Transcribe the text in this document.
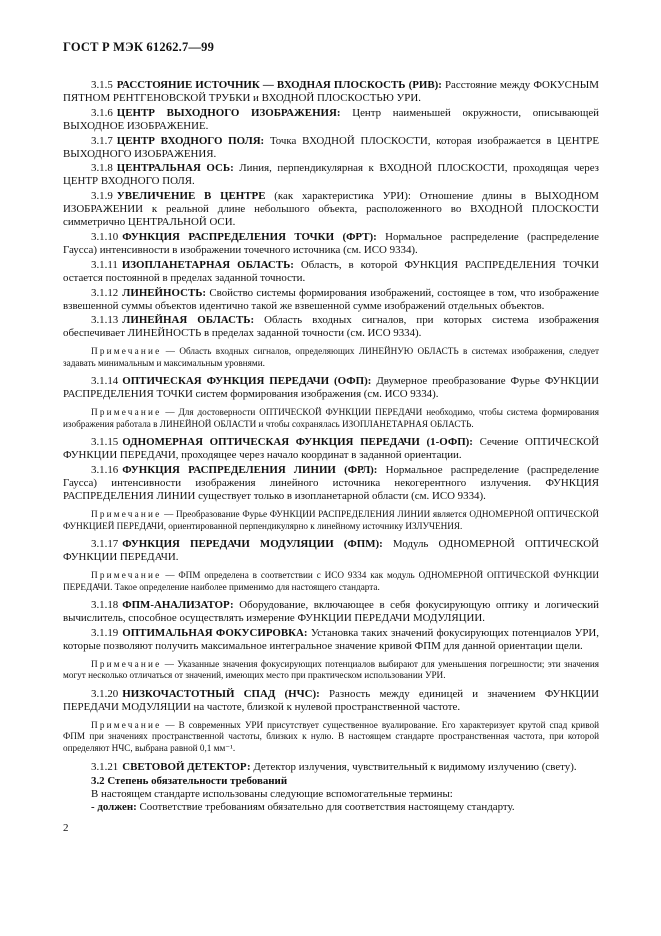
ГОСТ Р МЭК 61262.7—99
3.1.5 РАССТОЯНИЕ ИСТОЧНИК — ВХОДНАЯ ПЛОСКОСТЬ (РИВ): Расстояние между ФОКУСНЫМ ПЯТНОМ РЕНТГЕНОВСКОЙ ТРУБКИ и ВХОДНОЙ ПЛОСКОСТЬЮ УРИ.
3.1.6 ЦЕНТР ВЫХОДНОГО ИЗОБРАЖЕНИЯ: Центр наименьшей окружности, описывающей ВЫХОДНОЕ ИЗОБРАЖЕНИЕ.
3.1.7 ЦЕНТР ВХОДНОГО ПОЛЯ: Точка ВХОДНОЙ ПЛОСКОСТИ, которая изображается в ЦЕНТРЕ ВЫХОДНОГО ИЗОБРАЖЕНИЯ.
3.1.8 ЦЕНТРАЛЬНАЯ ОСЬ: Линия, перпендикулярная к ВХОДНОЙ ПЛОСКОСТИ, проходящая через ЦЕНТР ВХОДНОГО ПОЛЯ.
3.1.9 УВЕЛИЧЕНИЕ В ЦЕНТРЕ (как характеристика УРИ): Отношение длины в ВЫХОДНОМ ИЗОБРАЖЕНИИ к реальной длине небольшого объекта, расположенного во ВХОДНОЙ ПЛОСКОСТИ симметрично ЦЕНТРАЛЬНОЙ ОСИ.
3.1.10 ФУНКЦИЯ РАСПРЕДЕЛЕНИЯ ТОЧКИ (ФРТ): Нормальное распределение (распределение Гаусса) интенсивности в изображении точечного источника (см. ИСО 9334).
3.1.11 ИЗОПЛАНЕТАРНАЯ ОБЛАСТЬ: Область, в которой ФУНКЦИЯ РАСПРЕДЕЛЕНИЯ ТОЧКИ остается постоянной в пределах заданной точности.
3.1.12 ЛИНЕЙНОСТЬ: Свойство системы формирования изображений, состоящее в том, что изображение взвешенной суммы объектов идентично такой же взвешенной сумме изображений отдельных объектов.
3.1.13 ЛИНЕЙНАЯ ОБЛАСТЬ: Область входных сигналов, при которых система изображения обеспечивает ЛИНЕЙНОСТЬ в пределах заданной точности (см. ИСО 9334).
Примечание — Область входных сигналов, определяющих ЛИНЕЙНУЮ ОБЛАСТЬ в системах изображения, следует задавать минимальным и максимальным уровнями.
3.1.14 ОПТИЧЕСКАЯ ФУНКЦИЯ ПЕРЕДАЧИ (ОФП): Двумерное преобразование Фурье ФУНКЦИИ РАСПРЕДЕЛЕНИЯ ТОЧКИ систем формирования изображения (см. ИСО 9334).
Примечание — Для достоверности ОПТИЧЕСКОЙ ФУНКЦИИ ПЕРЕДАЧИ необходимо, чтобы система формирования изображения работала в ЛИНЕЙНОЙ ОБЛАСТИ и чтобы сохранялась ИЗОПЛАНЕТАРНАЯ ОБЛАСТЬ.
3.1.15 ОДНОМЕРНАЯ ОПТИЧЕСКАЯ ФУНКЦИЯ ПЕРЕДАЧИ (1-ОФП): Сечение ОПТИЧЕСКОЙ ФУНКЦИИ ПЕРЕДАЧИ, проходящее через начало координат в заданной ориентации.
3.1.16 ФУНКЦИЯ РАСПРЕДЕЛЕНИЯ ЛИНИИ (ФРЛ): Нормальное распределение (распределение Гаусса) интенсивности изображения линейного источника некогерентного излучения. ФУНКЦИЯ РАСПРЕДЕЛЕНИЯ ЛИНИИ существует только в изопланетарной области (см. ИСО 9334).
Примечание — Преобразование Фурье ФУНКЦИИ РАСПРЕДЕЛЕНИЯ ЛИНИИ является ОДНОМЕРНОЙ ОПТИЧЕСКОЙ ФУНКЦИЕЙ ПЕРЕДАЧИ, ориентированной перпендикулярно к линейному источнику ИЗЛУЧЕНИЯ.
3.1.17 ФУНКЦИЯ ПЕРЕДАЧИ МОДУЛЯЦИИ (ФПМ): Модуль ОДНОМЕРНОЙ ОПТИЧЕСКОЙ ФУНКЦИИ ПЕРЕДАЧИ.
Примечание — ФПМ определена в соответствии с ИСО 9334 как модуль ОДНОМЕРНОЙ ОПТИЧЕСКОЙ ФУНКЦИИ ПЕРЕДАЧИ. Такое определение наиболее применимо для настоящего стандарта.
3.1.18 ФПМ-АНАЛИЗАТОР: Оборудование, включающее в себя фокусирующую оптику и логический вычислитель, способное осуществлять измерение ФУНКЦИИ ПЕРЕДАЧИ МОДУЛЯЦИИ.
3.1.19 ОПТИМАЛЬНАЯ ФОКУСИРОВКА: Установка таких значений фокусирующих потенциалов УРИ, которые позволяют получить максимальное интегральное значение кривой ФПМ для данной ориентации щели.
Примечание — Указанные значения фокусирующих потенциалов выбирают для уменьшения погрешности; эти значения могут несколько отличаться от значений, имеющих место при практическом использовании УРИ.
3.1.20 НИЗКОЧАСТОТНЫЙ СПАД (НЧС): Разность между единицей и значением ФУНКЦИИ ПЕРЕДАЧИ МОДУЛЯЦИИ на частоте, близкой к нулевой пространственной частоте.
Примечание — В современных УРИ присутствует существенное вуалирование. Его характеризует крутой спад кривой ФПМ при значениях пространственной частоты, близких к нулю. В настоящем стандарте пространственная частота, при которой определяют НЧС, выбрана равной 0,1 мм⁻¹.
3.1.21 СВЕТОВОЙ ДЕТЕКТОР: Детектор излучения, чувствительный к видимому излучению (свету).
3.2 Степень обязательности требований
В настоящем стандарте использованы следующие вспомогательные термины:
- должен: Соответствие требованиям обязательно для соответствия настоящему стандарту.
2
